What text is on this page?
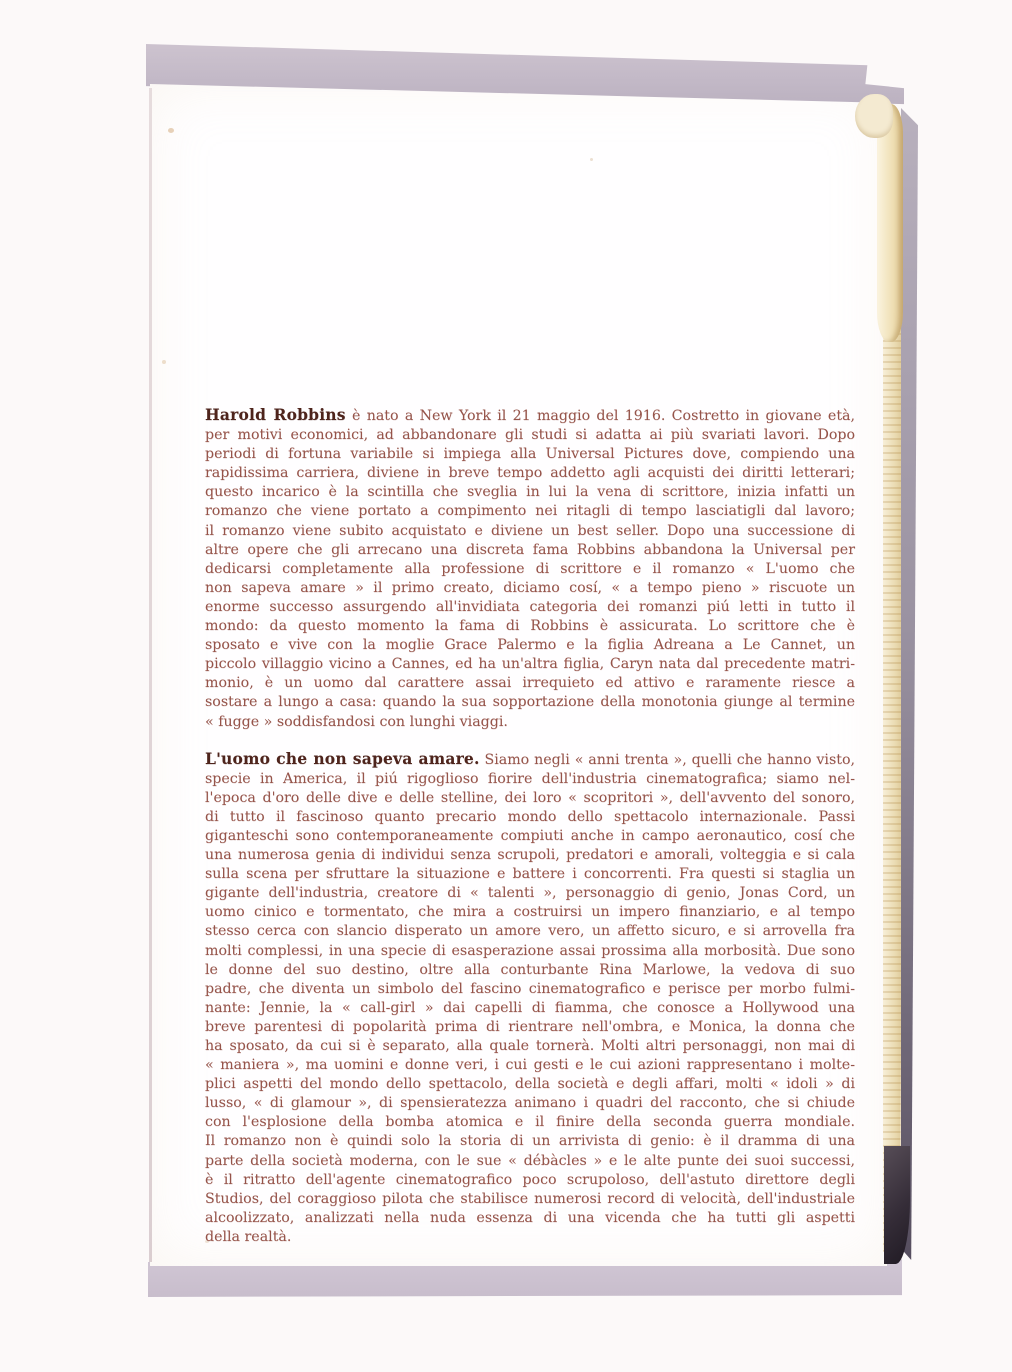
Harold Robbins è nato a New York il 21 maggio del 1916. Costretto in giovane età,
per motivi economici, ad abbandonare gli studi si adatta ai più svariati lavori. Dopo
periodi di fortuna variabile si impiega alla Universal Pictures dove, compiendo una
rapidissima carriera, diviene in breve tempo addetto agli acquisti dei diritti letterari;
questo incarico è la scintilla che sveglia in lui la vena di scrittore, inizia infatti un
romanzo che viene portato a compimento nei ritagli di tempo lasciatigli dal lavoro;
il romanzo viene subito acquistato e diviene un best seller. Dopo una successione di
altre opere che gli arrecano una discreta fama Robbins abbandona la Universal per
dedicarsi completamente alla professione di scrittore e il romanzo « L'uomo che
non sapeva amare » il primo creato, diciamo cosí, « a tempo pieno » riscuote un
enorme successo assurgendo all'invidiata categoria dei romanzi piú letti in tutto il
mondo: da questo momento la fama di Robbins è assicurata. Lo scrittore che è
sposato e vive con la moglie Grace Palermo e la figlia Adreana a Le Cannet, un
piccolo villaggio vicino a Cannes, ed ha un'altra figlia, Caryn nata dal precedente matri-
monio, è un uomo dal carattere assai irrequieto ed attivo e raramente riesce a
sostare a lungo a casa: quando la sua sopportazione della monotonia giunge al termine
« fugge » soddisfandosi con lunghi viaggi.
L'uomo che non sapeva amare. Siamo negli « anni trenta », quelli che hanno visto,
specie in America, il piú rigoglioso fiorire dell'industria cinematografica; siamo nel-
l'epoca d'oro delle dive e delle stelline, dei loro « scopritori », dell'avvento del sonoro,
di tutto il fascinoso quanto precario mondo dello spettacolo internazionale. Passi
giganteschi sono contemporaneamente compiuti anche in campo aeronautico, cosí che
una numerosa genia di individui senza scrupoli, predatori e amorali, volteggia e si cala
sulla scena per sfruttare la situazione e battere i concorrenti. Fra questi si staglia un
gigante dell'industria, creatore di « talenti », personaggio di genio, Jonas Cord, un
uomo cinico e tormentato, che mira a costruirsi un impero finanziario, e al tempo
stesso cerca con slancio disperato un amore vero, un affetto sicuro, e si arrovella fra
molti complessi, in una specie di esasperazione assai prossima alla morbosità. Due sono
le donne del suo destino, oltre alla conturbante Rina Marlowe, la vedova di suo
padre, che diventa un simbolo del fascino cinematografico e perisce per morbo fulmi-
nante: Jennie, la « call-girl » dai capelli di fiamma, che conosce a Hollywood una
breve parentesi di popolarità prima di rientrare nell'ombra, e Monica, la donna che
ha sposato, da cui si è separato, alla quale tornerà. Molti altri personaggi, non mai di
« maniera », ma uomini e donne veri, i cui gesti e le cui azioni rappresentano i molte-
plici aspetti del mondo dello spettacolo, della società e degli affari, molti « idoli » di
lusso, « di glamour », di spensieratezza animano i quadri del racconto, che si chiude
con l'esplosione della bomba atomica e il finire della seconda guerra mondiale.
Il romanzo non è quindi solo la storia di un arrivista di genio: è il dramma di una
parte della società moderna, con le sue « débàcles » e le alte punte dei suoi successi,
è il ritratto dell'agente cinematografico poco scrupoloso, dell'astuto direttore degli
Studios, del coraggioso pilota che stabilisce numerosi record di velocità, dell'industriale
alcoolizzato, analizzati nella nuda essenza di una vicenda che ha tutti gli aspetti
della realtà.
